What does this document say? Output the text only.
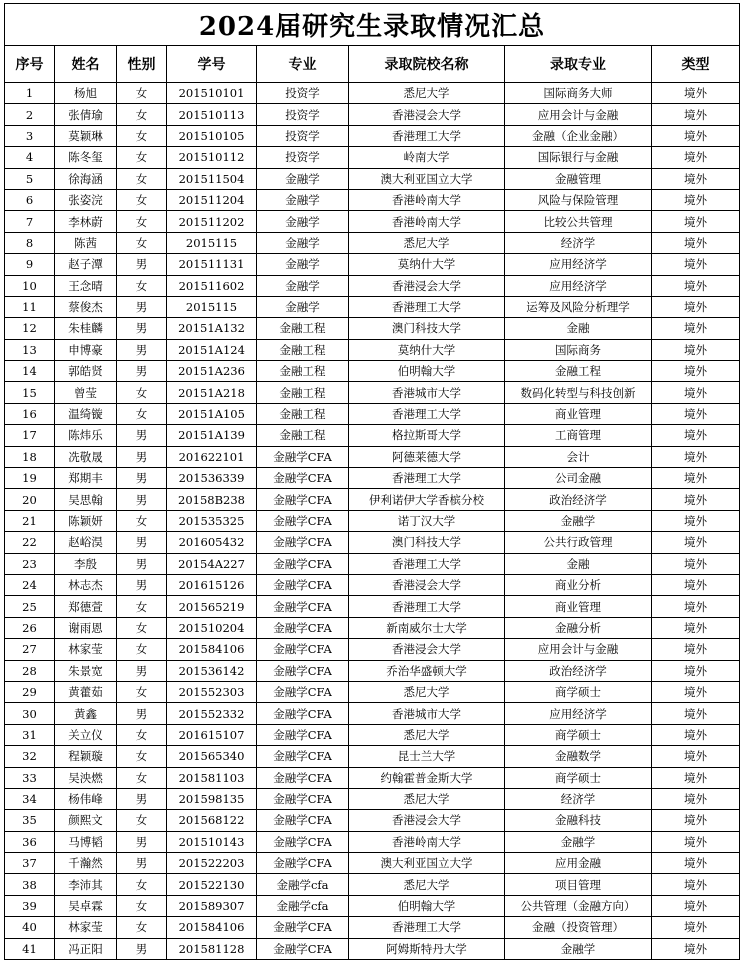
2024届研究生录取情况汇总							
序号	姓名	性别	学号	专业	录取院校名称	录取专业	类型
1	杨旭	女	201510101	投资学	悉尼大学	国际商务大师	境外
2	张倩瑜	女	201510113	投资学	香港浸会大学	应用会计与金融	境外
3	莫颖琳	女	201510105	投资学	香港理工大学	金融（企业金融）	境外
4	陈冬玺	女	201510112	投资学	岭南大学	国际银行与金融	境外
5	徐海涵	女	201511504	金融学	澳大利亚国立大学	金融管理	境外
6	张姿浣	女	201511204	金融学	香港岭南大学	风险与保险管理	境外
7	李林蔚	女	201511202	金融学	香港岭南大学	比较公共管理	境外
8	陈茜	女	2015115	金融学	悉尼大学	经济学	境外
9	赵子潭	男	201511131	金融学	莫纳什大学	应用经济学	境外
10	王念晴	女	201511602	金融学	香港浸会大学	应用经济学	境外
11	蔡俊杰	男	2015115	金融学	香港理工大学	运筹及风险分析理学	境外
12	朱桂麟	男	20151A132	金融工程	澳门科技大学	金融	境外
13	申博豪	男	20151A124	金融工程	莫纳什大学	国际商务	境外
14	郭皓贤	男	20151A236	金融工程	伯明翰大学	金融工程	境外
15	曾莹	女	20151A218	金融工程	香港城市大学	数码化转型与科技创新	境外
16	温绮镟	女	20151A105	金融工程	香港理工大学	商业管理	境外
17	陈炜乐	男	20151A139	金融工程	格拉斯哥大学	工商管理	境外
18	冼敬晟	男	201622101	金融学CFA	阿德莱德大学	会计	境外
19	郑期丰	男	201536339	金融学CFA	香港理工大学	公司金融	境外
20	吴思翰	男	20158B238	金融学CFA	伊利诺伊大学香槟分校	政治经济学	境外
21	陈颖妍	女	201535325	金融学CFA	诺丁汉大学	金融学	境外
22	赵峪淏	男	201605432	金融学CFA	澳门科技大学	公共行政管理	境外
23	李殷	男	20154A227	金融学CFA	香港理工大学	金融	境外
24	林志杰	男	201615126	金融学CFA	香港浸会大学	商业分析	境外
25	郑德萱	女	201565219	金融学CFA	香港理工大学	商业管理	境外
26	谢雨恩	女	201510204	金融学CFA	新南威尔士大学	金融分析	境外
27	林家莹	女	201584106	金融学CFA	香港浸会大学	应用会计与金融	境外
28	朱景宽	男	201536142	金融学CFA	乔治华盛顿大学	政治经济学	境外
29	黄藿茹	女	201552303	金融学CFA	悉尼大学	商学硕士	境外
30	黄鑫	男	201552332	金融学CFA	香港城市大学	应用经济学	境外
31	关立仪	女	201615107	金融学CFA	悉尼大学	商学硕士	境外
32	程颖璇	女	201565340	金融学CFA	昆士兰大学	金融数学	境外
33	吴泱燃	女	201581103	金融学CFA	约翰霍普金斯大学	商学硕士	境外
34	杨伟峰	男	201598135	金融学CFA	悉尼大学	经济学	境外
35	颜熙文	女	201568122	金融学CFA	香港浸会大学	金融科技	境外
36	马博韬	男	201510143	金融学CFA	香港岭南大学	金融学	境外
37	千瀚然	男	201522203	金融学CFA	澳大利亚国立大学	应用金融	境外
38	李沛其	女	201522130	金融学cfa	悉尼大学	项目管理	境外
39	吴卓霖	女	201589307	金融学cfa	伯明翰大学	公共管理（金融方向）	境外
40	林家莹	女	201584106	金融学CFA	香港理工大学	金融（投资管理）	境外
41	冯正阳	男	201581128	金融学CFA	阿姆斯特丹大学	金融学	境外
